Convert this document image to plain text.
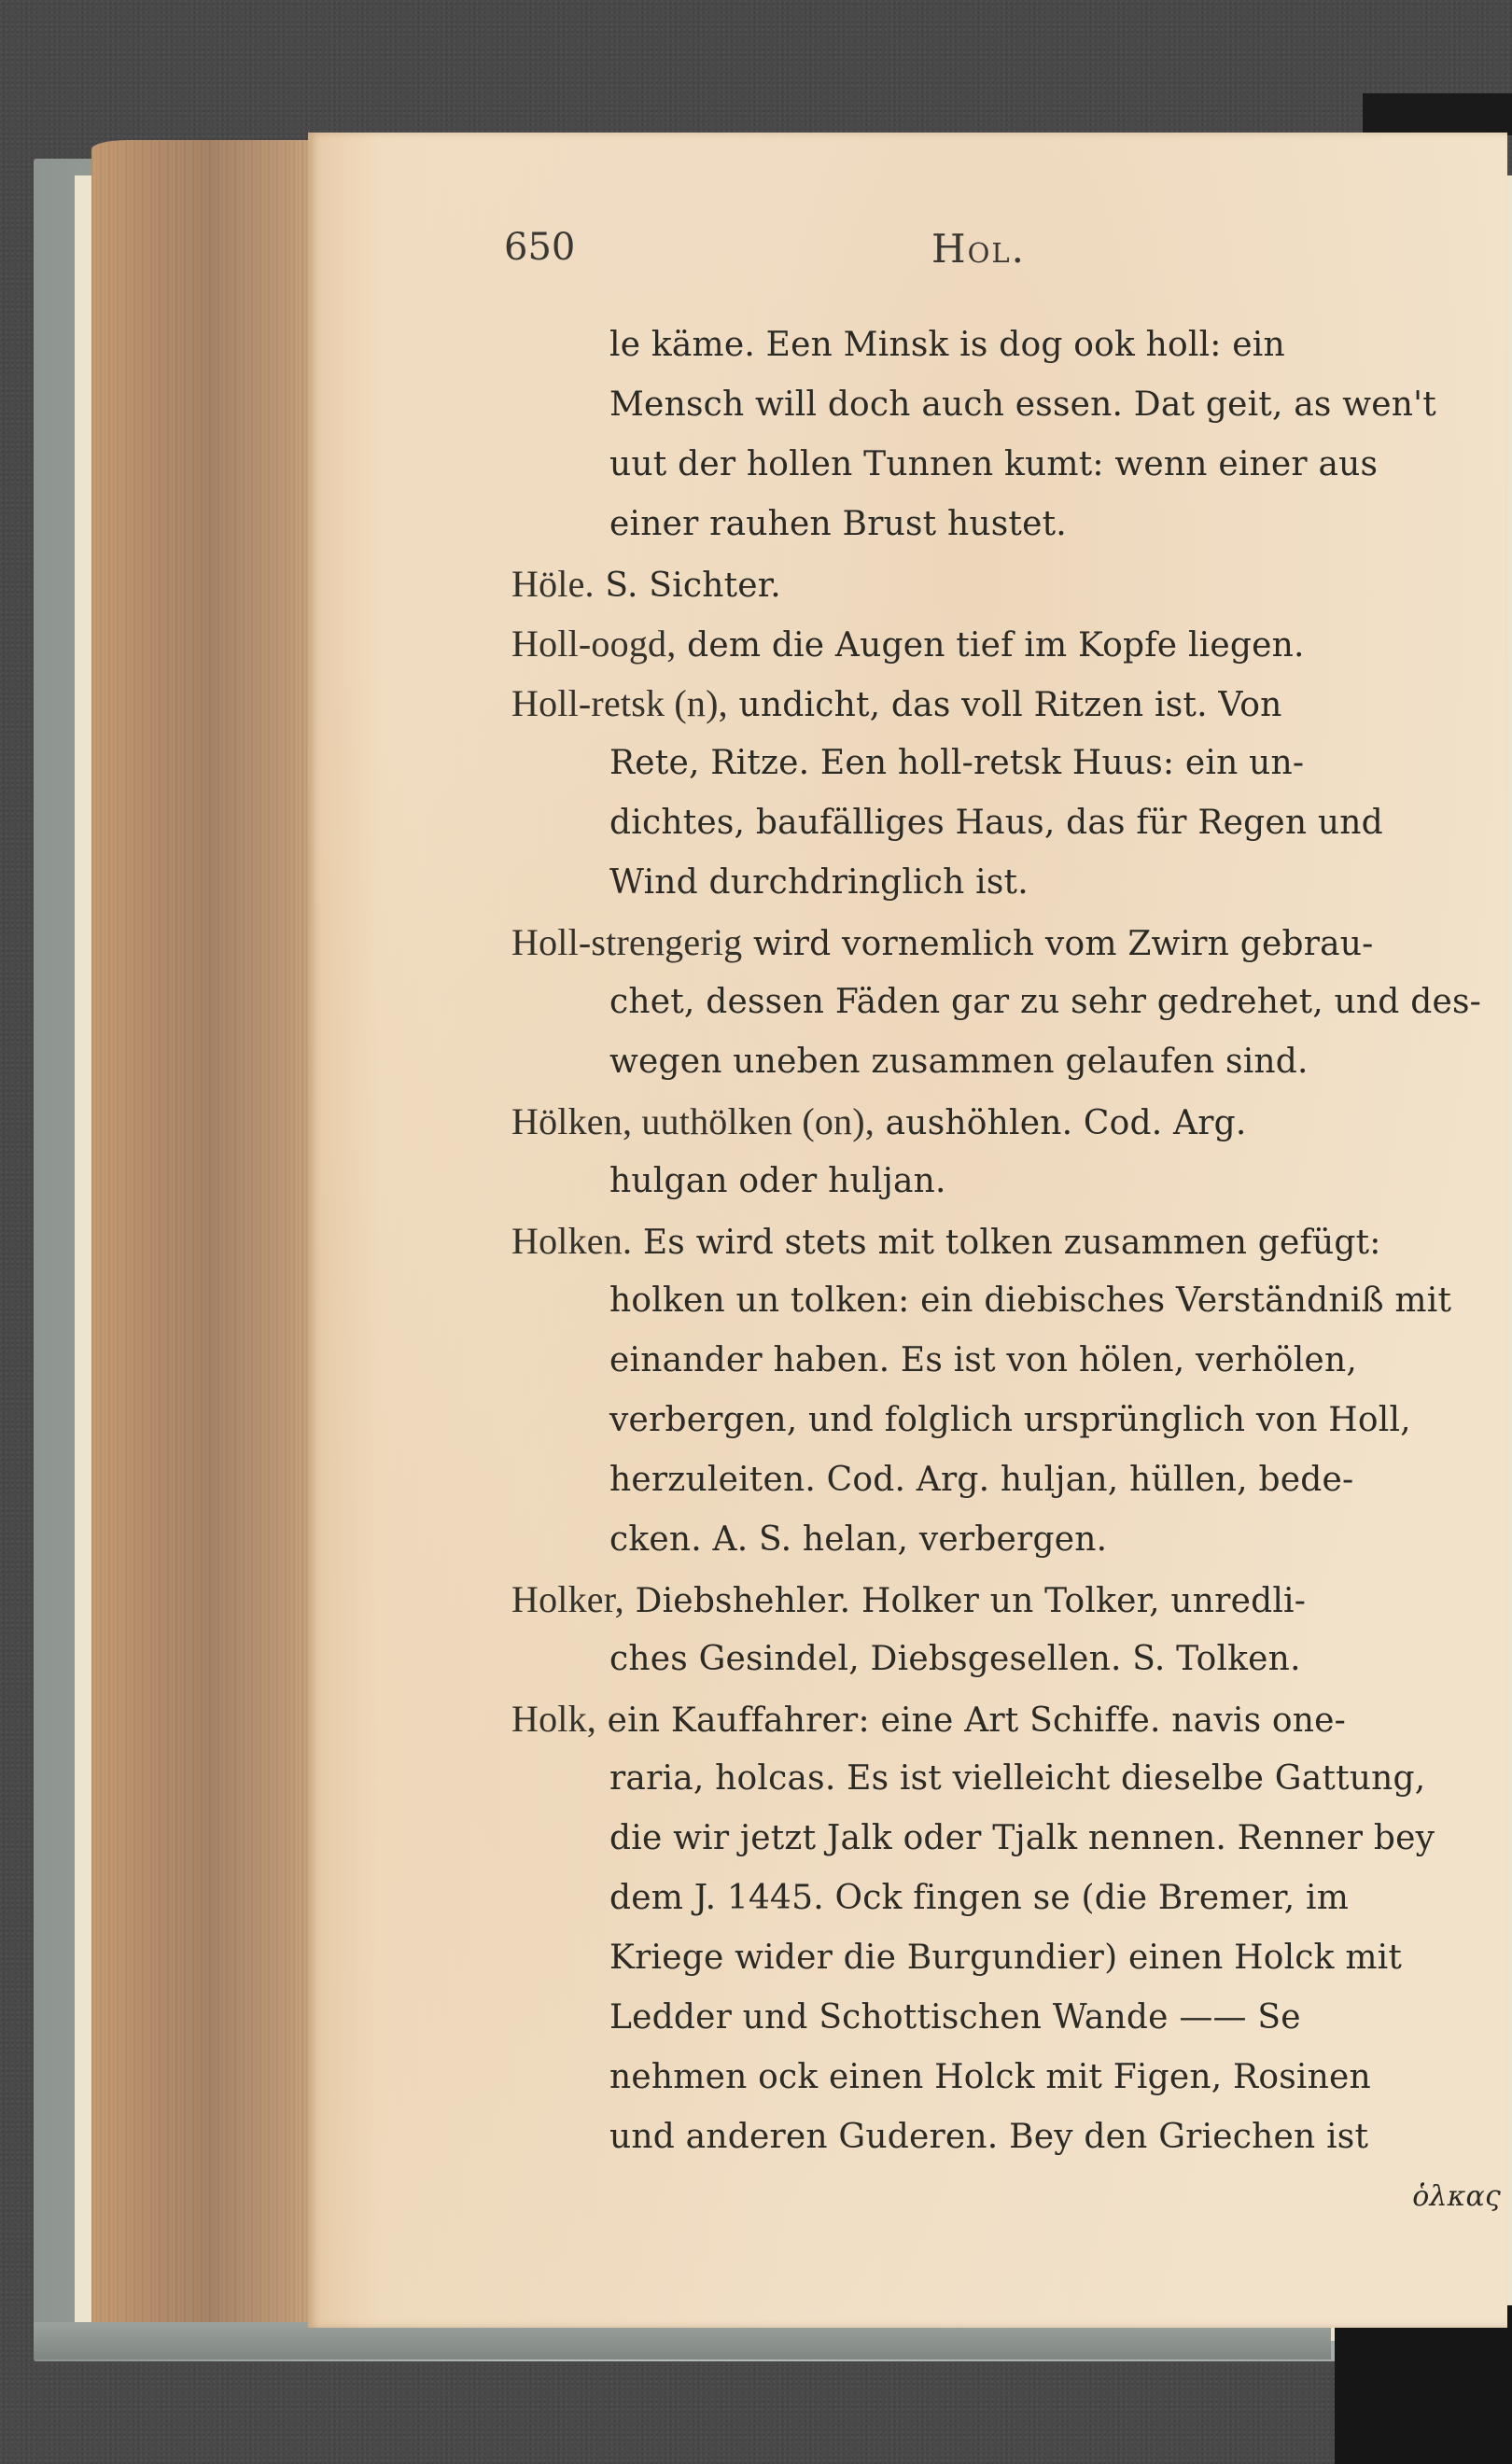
650	Hol.
le käme. Een Minsk is dog ook holl: ein
Mensch will doch auch essen. Dat geit, as wen't
uut der hollen Tunnen kumt: wenn einer aus
einer rauhen Brust hustet.
Höle. S. Sichter.
Holl-oogd, dem die Augen tief im Kopfe liegen.
Holl-retsk (n), undicht, das voll Ritzen ist. Von
Rete, Ritze. Een holl-retsk Huus: ein un-
dichtes, baufälliges Haus, das für Regen und
Wind durchdringlich ist.
Holl-strengerig wird vornemlich vom Zwirn gebrau-
chet, dessen Fäden gar zu sehr gedrehet, und des-
wegen uneben zusammen gelaufen sind.
Hölken, uuthölken (on), aushöhlen. Cod. Arg.
hulgan oder huljan.
Holken. Es wird stets mit tolken zusammen gefügt:
holken un tolken: ein diebisches Verständniß mit
einander haben. Es ist von hölen, verhölen,
verbergen, und folglich ursprünglich von Holl,
herzuleiten. Cod. Arg. huljan, hüllen, bede-
cken. A. S. helan, verbergen.
Holker, Diebshehler. Holker un Tolker, unredli-
ches Gesindel, Diebsgesellen. S. Tolken.
Holk, ein Kauffahrer: eine Art Schiffe. navis one-
raria, holcas. Es ist vielleicht dieselbe Gattung,
die wir jetzt Jalk oder Tjalk nennen. Renner bey
dem J. 1445. Ock fingen se (die Bremer, im
Kriege wider die Burgundier) einen Holck mit
Ledder und Schottischen Wande —— Se
nehmen ock einen Holck mit Figen, Rosinen
und anderen Guderen. Bey den Griechen ist
ὁλκας
